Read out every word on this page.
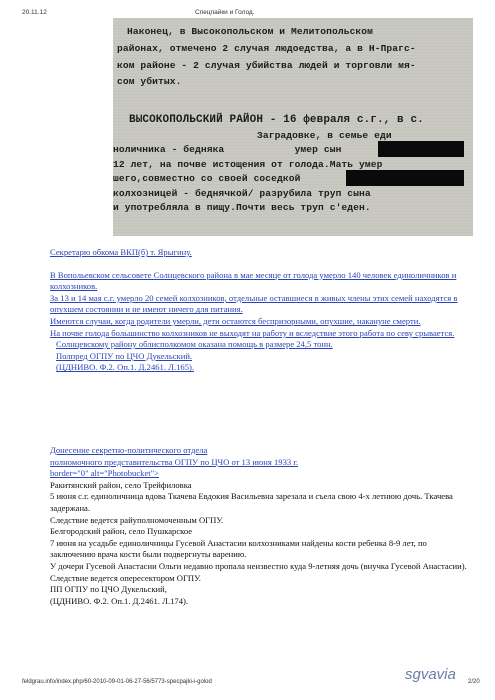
20.11.12	Спецпайки и Голод.
Наконец, в Высокопольском и Мелитопольском
районах, отмечено 2 случая людоедства, а в Н-Прагс-
ком районе - 2 случая убийства людей и торговли мя-
сом убитых.
ВЫСОКОПОЛЬСКИЙ РАЙОН - 16 февраля с.г., в с.
Заградовке, в семье еди
ноличника - бедняка            умер сын
12 лет, на почве истощения от голода.Мать умер
шего,совместно со своей соседкой
колхозницей - беднячкой/ разрубила труп сына
и употребляла в пищу.Почти весь труп с'еден.

Секретарю обкома ВКП(б) т. Ярыгину.

В Вопольевском сельсовете Солнцевского района в мае месяце от голода умерло 140 человек единоличников и колхозников.

За 13 и 14 мая с.г. умерло 20 семей колхозников, отдельные оставшиеся в живых члены этих семей находятся в опухшем состоянии и не имеют ничего для питания.

Имеются случаи, когда родители умерли, дети остаются беспризорными, опухшие, накануне смерти.

На почве голода большинство колхозников не выходят на работу и вследствие этого работа по севу срывается.

Солнцевскому району облисполкомом оказана помощь в размере 24,5 тонн.

Полпред ОГПУ по ЦЧО Дукельский.

(ЦДНИВО. Ф.2. Оп.1. Д.2461. Л.165).

Донесение секретно-политического отдела

полномочного представительства ОГПУ по ЦЧО от 13 июня 1933 г.

border="0" alt="Photobucket">

Ракитянский район, село Трейфиловка

5 июня с.г. единоличница вдова Ткачева Евдокия Васильевна зарезала и съела свою 4-х летнюю дочь. Ткачева задержана.

Следствие ведется райуполномоченным ОГПУ.

Белгородский район, село Пушкарское

7 июня на усадьбе единоличницы Гусевой Анастасии колхозниками найдены кости ребенка 8-9 лет, по заключению врача кости были подвергнуты варению.

У дочери Гусевой Анастасии Ольги недавно пропала неизвестно куда 9-летняя дочь (внучка Гусевой Анастасии).

Следствие ведется опересектором ОГПУ.

ПП ОГПУ по ЦЧО Дукельский,

(ЦДНИВО. Ф.2. Оп.1. Д.2461. Л.174).

feldgrau.info/index.php/60-2010-09-01-06-27-56/5773-specpajki-i-golod	sgvavia 2/20
